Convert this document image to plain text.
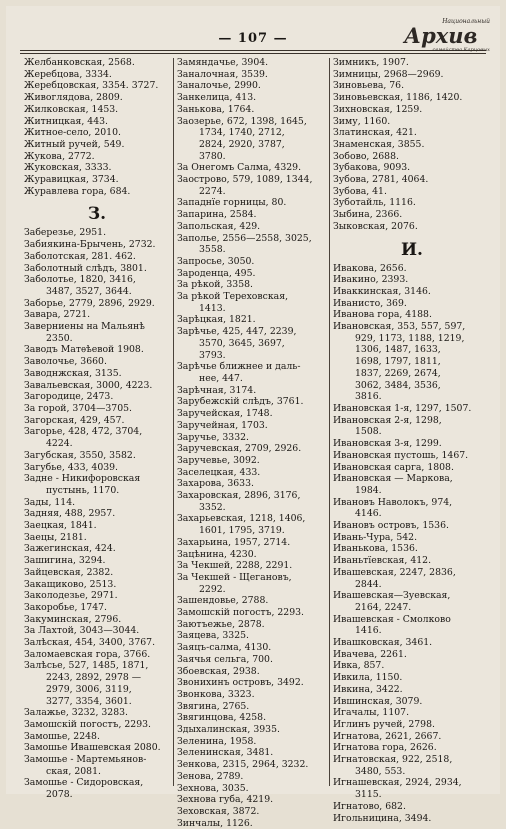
— 107 —
Национальный
Архив
семейства Карцовых
Желбанковская, 2568.
Жеребцова, 3334.
Жеребцовская, 3354. 3727.
Живоглядова, 2809.
Жилковская, 1453.
Житницкая, 443.
Житное-село, 2010.
Житный ручей, 549.
Жукова, 2772.
Жуковская, 3333.
Журавицкая, 3734.
Журавлева гора, 684.
З.
Заберезье, 2951.
Забиякина-Брычень, 2732.
Заболотская, 281. 462.
Заболотный слѣдъ, 3801.
Заболотье, 1820, 3416,
3487, 3527, 3644.
Заборье, 2779, 2896, 2929.
Завара, 2721.
Заверниены на Мальянѣ
2350.
Заводъ Матѳѣевой 1908.
Заволочье, 3660.
Заводнжская, 3135.
Завальевская, 3000, 4223.
Загородице, 2473.
За горой, 3704—3705.
Загорская, 429, 457.
Загорье, 428, 472, 3704,
4224.
Загубская, 3550, 3582.
Загубье, 433, 4039.
Задне - Никифоровская
пустынь, 1170.
Зады, 114.
Задняя, 488, 2957.
Заецкая, 1841.
Заецы, 2181.
Зажегинская, 424.
Зашигина, 3294.
Зайцевская, 2382.
Закащиково, 2513.
Заколодезье, 2971.
Закоробье, 1747.
Закуминская, 2796.
За Лахтой, 3043—3044.
Залѣская, 454, 3400, 3767.
Заломаевская гора, 3766.
Залѣсье, 527, 1485, 1871,
2243, 2892, 2978 —
2979, 3006, 3119,
3277, 3354, 3601.
Залажье, 3232, 3283.
Замошскій погостъ, 2293.
Замошье, 2248.
Замошье Ивашевская 2080.
Замошье - Мартемьянов-
ская, 2081.
Замошье - Сидоровская,
2078.
Замяндачье, 3904.
Заналочная, 3539.
Заналочье, 2990.
Занкелица, 413.
Занькова, 1764.
Заозерье, 672, 1398, 1645,
1734, 1740, 2712,
2824, 2920, 3787,
3780.
За Онегомъ Салма, 4329.
Заострово, 579, 1089, 1344,
2274.
Западнїе горницы, 80.
Запарина, 2584.
Запольская, 429.
Заполье, 2556—2558, 3025,
3558.
Запросье, 3050.
Зароденца, 495.
За рѣкой, 3358.
За рѣкой Тереховская,
1413.
Зарѣцкая, 1821.
Зарѣчье, 425, 447, 2239,
3570, 3645, 3697,
3793.
Зарѣчье ближнее и даль-
нее, 447.
Зарѣчная, 3174.
Зарубежскій слѣдъ, 3761.
Заручейская, 1748.
Заручейная, 1703.
Заручье, 3332.
Заручевская, 2709, 2926.
Заручевье, 3092.
Заселецкая, 433.
Захарова, 3633.
Захаровская, 2896, 3176,
3352.
Захарьевская, 1218, 1406,
1601, 1795, 3719.
Захарьина, 1957, 2714.
Зацѣнина, 4230.
За Чекшей, 2288, 2291.
За Чекшей - Щегановъ,
2292.
Зашендовье, 2788.
Замошскій погостъ, 2293.
Заютъежье, 2878.
Заяцева, 3325.
Заяцъ-салма, 4130.
Заячья сельга, 700.
Збоевская, 2938.
Звонихинъ островъ, 3492.
Звонкова, 3323.
Звягина, 2765.
Звягинцова, 4258.
Здыхалинская, 3935.
Зеленина, 1958.
Зеленинская, 3481.
Зенкова, 2315, 2964, 3232.
Зенова, 2789.
Зехнова, 3035.
Зехнова губа, 4219.
Зеховская, 3872.
Зинчалы, 1126.
Зимникъ, 1907.
Зимницы, 2968—2969.
Зиновьева, 76.
Зиновьевская, 1186, 1420.
Зихновская, 1259.
Зиму, 1160.
Златинская, 421.
Знаменская, 3855.
Зобово, 2688.
Зубакова, 9093.
Зубова, 2781, 4064.
Зубова, 41.
Зуботайль, 1116.
Зыбина, 2366.
Зыковская, 2076.
И.
Ивакова, 2656.
Ивакино, 2393.
Иваккинская, 3146.
Иванисто, 369.
Иванова гора, 4188.
Ивановская, 353, 557, 597,
929, 1173, 1188, 1219,
1306, 1487, 1633,
1698, 1797, 1811,
1837, 2269, 2674,
3062, 3484, 3536,
3816.
Ивановская 1-я, 1297, 1507.
Ивановская 2-я, 1298,
1508.
Ивановская 3-я, 1299.
Ивановская пустошь, 1467.
Ивановская сарга, 1808.
Ивановская — Маркова,
1984.
Ивановъ Наволокъ, 974,
4146.
Ивановъ островъ, 1536.
Ивань-Чура, 542.
Иванькова, 1536.
Иваньтїевская, 412.
Ивашевская, 2247, 2836,
2844.
Ивашевская—Зуевская,
2164, 2247.
Ивашевская - Смолково
1416.
Ивашковская, 3461.
Ивачева, 2261.
Ивка, 857.
Ивкила, 1150.
Ивкина, 3422.
Ившинская, 3079.
Игачалы, 1107.
Иглинъ ручей, 2798.
Игнатова, 2621, 2667.
Игнатова гора, 2626.
Игнатовская, 922, 2518,
3480, 553.
Игнашевская, 2924, 2934,
3115.
Игнатово, 682.
Игольницина, 3494.
